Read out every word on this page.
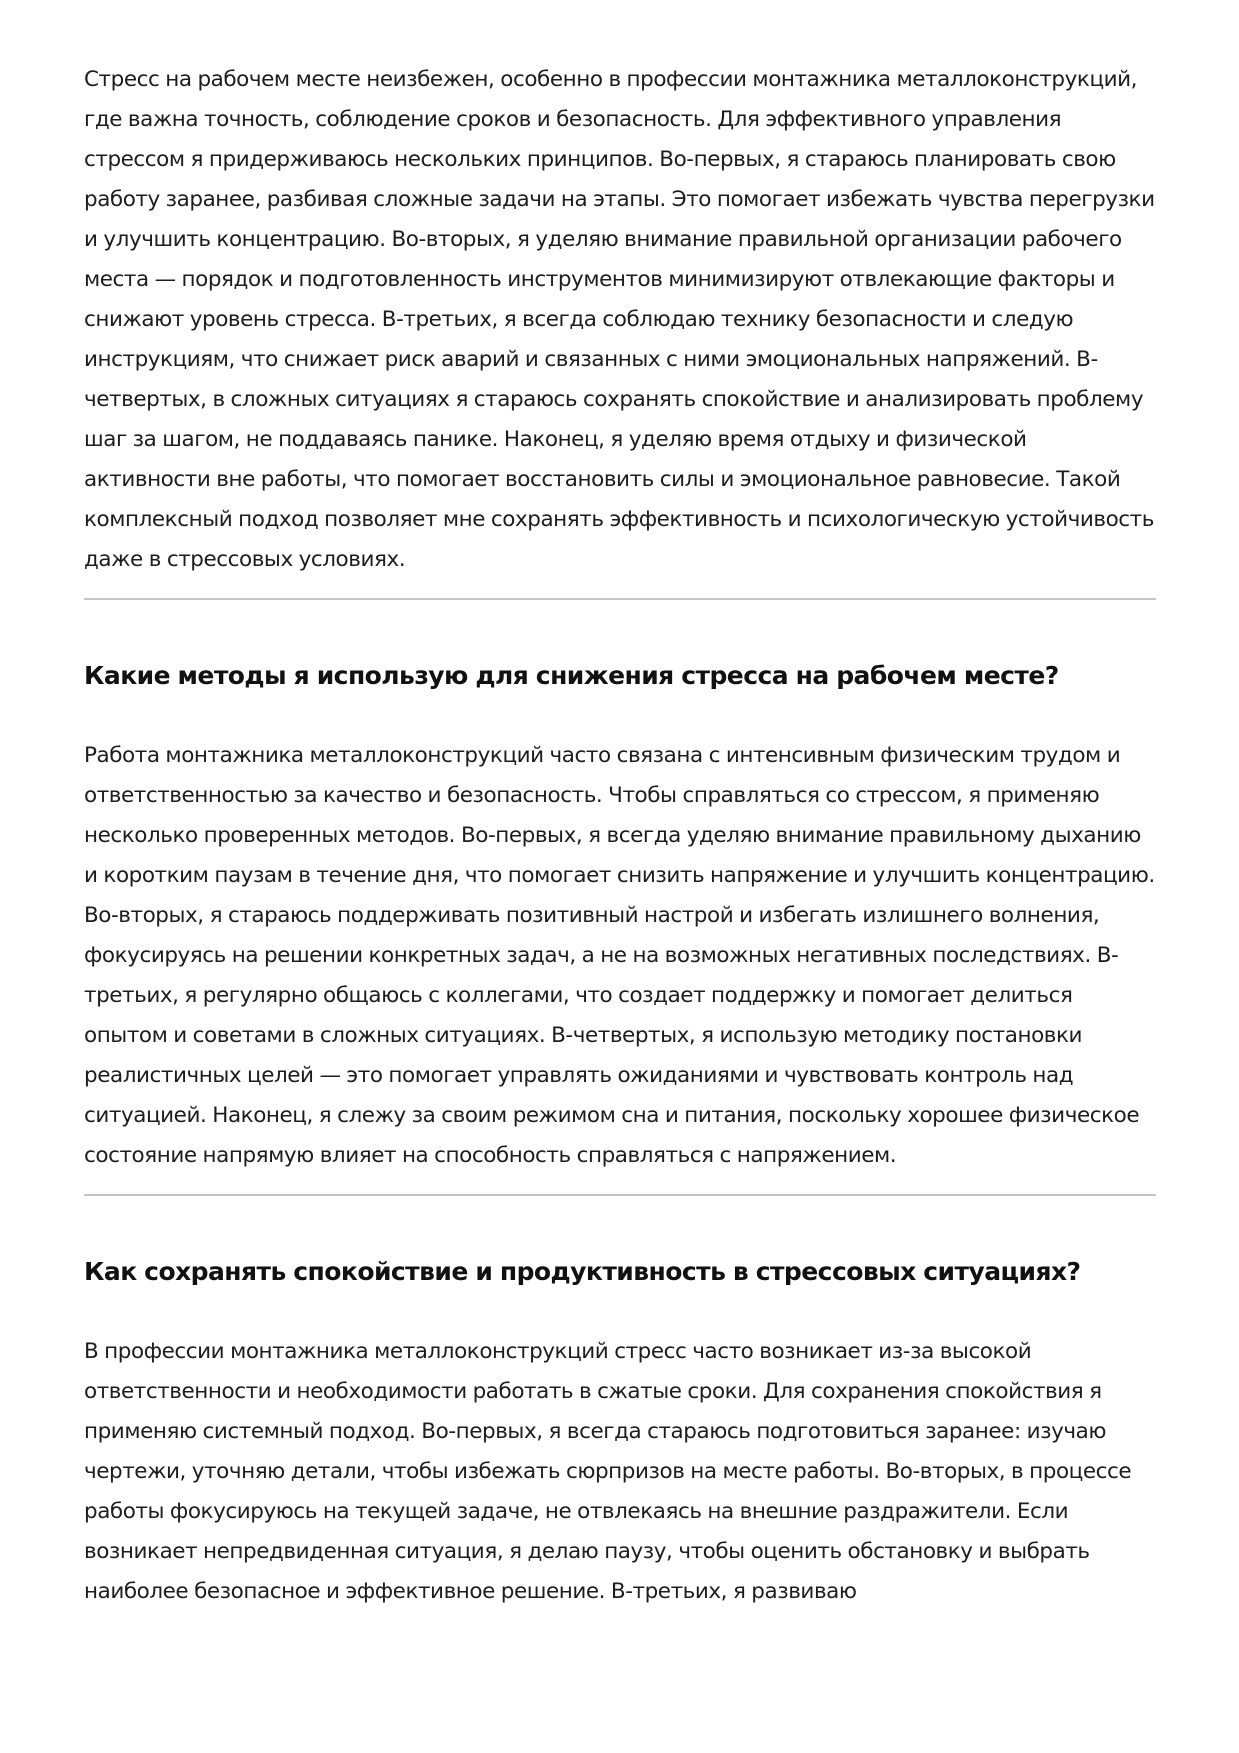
Стресс на рабочем месте неизбежен, особенно в профессии монтажника металлоконструкций, где важна точность, соблюдение сроков и безопасность. Для эффективного управления стрессом я придерживаюсь нескольких принципов. Во-первых, я стараюсь планировать свою работу заранее, разбивая сложные задачи на этапы. Это помогает избежать чувства перегрузки и улучшить концентрацию. Во-вторых, я уделяю внимание правильной организации рабочего места — порядок и подготовленность инструментов минимизируют отвлекающие факторы и снижают уровень стресса. В-третьих, я всегда соблюдаю технику безопасности и следую инструкциям, что снижает риск аварий и связанных с ними эмоциональных напряжений. В-четвертых, в сложных ситуациях я стараюсь сохранять спокойствие и анализировать проблему шаг за шагом, не поддаваясь панике. Наконец, я уделяю время отдыху и физической активности вне работы, что помогает восстановить силы и эмоциональное равновесие. Такой комплексный подход позволяет мне сохранять эффективность и психологическую устойчивость даже в стрессовых условиях.

Какие методы я использую для снижения стресса на рабочем месте?

Работа монтажника металлоконструкций часто связана с интенсивным физическим трудом и ответственностью за качество и безопасность. Чтобы справляться со стрессом, я применяю несколько проверенных методов. Во-первых, я всегда уделяю внимание правильному дыханию и коротким паузам в течение дня, что помогает снизить напряжение и улучшить концентрацию. Во-вторых, я стараюсь поддерживать позитивный настрой и избегать излишнего волнения, фокусируясь на решении конкретных задач, а не на возможных негативных последствиях. В-третьих, я регулярно общаюсь с коллегами, что создает поддержку и помогает делиться опытом и советами в сложных ситуациях. В-четвертых, я использую методику постановки реалистичных целей — это помогает управлять ожиданиями и чувствовать контроль над ситуацией. Наконец, я слежу за своим режимом сна и питания, поскольку хорошее физическое состояние напрямую влияет на способность справляться с напряжением.

Как сохранять спокойствие и продуктивность в стрессовых ситуациях?

В профессии монтажника металлоконструкций стресс часто возникает из-за высокой ответственности и необходимости работать в сжатые сроки. Для сохранения спокойствия я применяю системный подход. Во-первых, я всегда стараюсь подготовиться заранее: изучаю чертежи, уточняю детали, чтобы избежать сюрпризов на месте работы. Во-вторых, в процессе работы фокусируюсь на текущей задаче, не отвлекаясь на внешние раздражители. Если возникает непредвиденная ситуация, я делаю паузу, чтобы оценить обстановку и выбрать наиболее безопасное и эффективное решение. В-третьих, я развиваю
